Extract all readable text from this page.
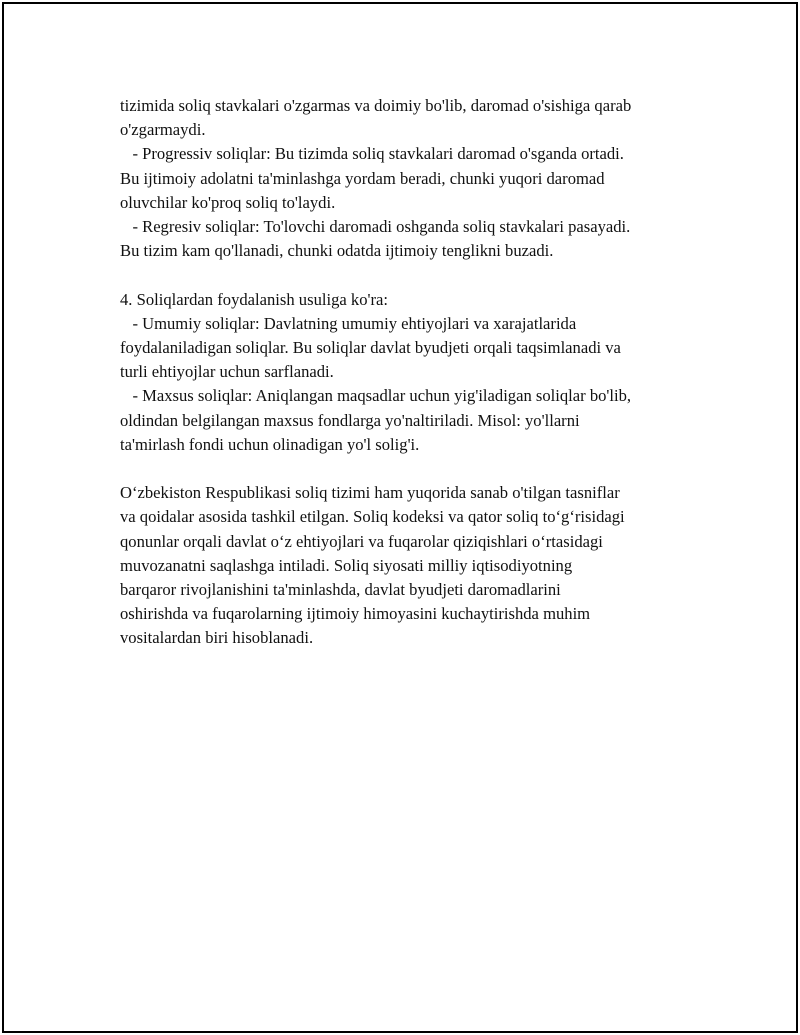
tizimida soliq stavkalari o'zgarmas va doimiy bo'lib, daromad o'sishiga qarab
o'zgarmaydi.
- Progressiv soliqlar: Bu tizimda soliq stavkalari daromad o'sganda ortadi.
Bu ijtimoiy adolatni ta'minlashga yordam beradi, chunki yuqori daromad
oluvchilar ko'proq soliq to'laydi.
- Regresiv soliqlar: To'lovchi daromadi oshganda soliq stavkalari pasayadi.
Bu tizim kam qo'llanadi, chunki odatda ijtimoiy tenglikni buzadi.

4. Soliqlardan foydalanish usuliga ko'ra:
- Umumiy soliqlar: Davlatning umumiy ehtiyojlari va xarajatlarida
foydalaniladigan soliqlar. Bu soliqlar davlat byudjeti orqali taqsimlanadi va
turli ehtiyojlar uchun sarflanadi.
- Maxsus soliqlar: Aniqlangan maqsadlar uchun yig'iladigan soliqlar bo'lib,
oldindan belgilangan maxsus fondlarga yo'naltiriladi. Misol: yo'llarni
ta'mirlash fondi uchun olinadigan yo'l solig'i.

O‘zbekiston Respublikasi soliq tizimi ham yuqorida sanab o'tilgan tasniflar
va qoidalar asosida tashkil etilgan. Soliq kodeksi va qator soliq to‘g‘risidagi
qonunlar orqali davlat o‘z ehtiyojlari va fuqarolar qiziqishlari o‘rtasidagi
muvozanatni saqlashga intiladi. Soliq siyosati milliy iqtisodiyotning
barqaror rivojlanishini ta'minlashda, davlat byudjeti daromadlarini
oshirishda va fuqarolarning ijtimoiy himoyasini kuchaytirishda muhim
vositalardan biri hisoblanadi.
